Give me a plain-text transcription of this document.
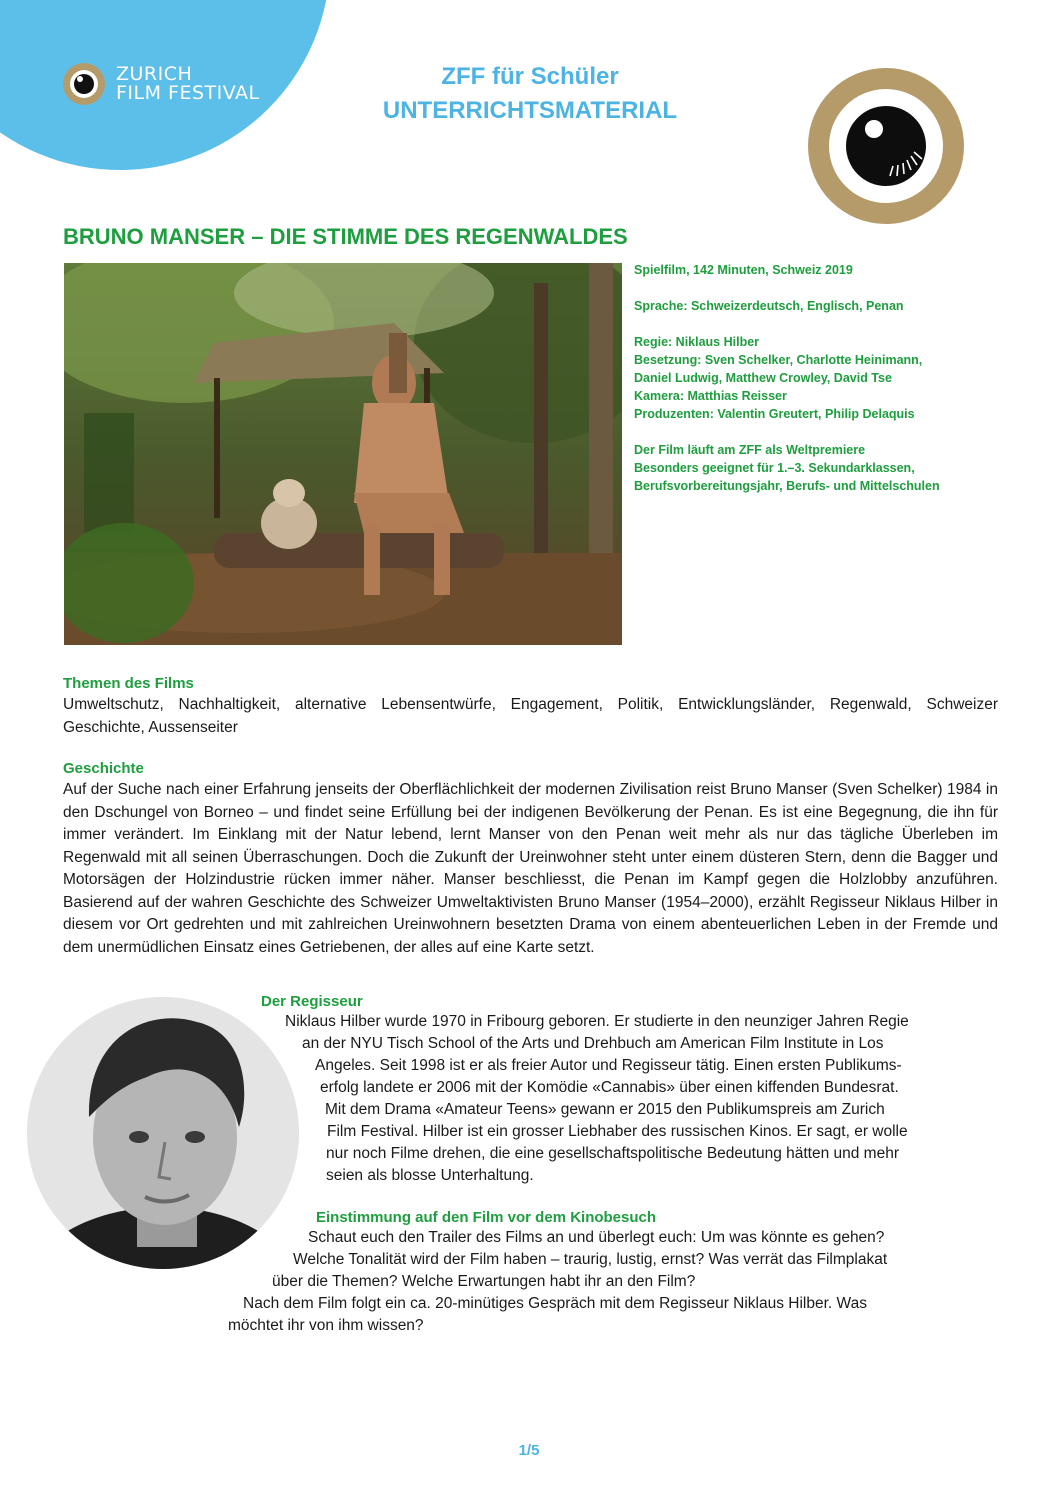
ZURICH
FILM FESTIVAL
ZFF für Schüler
UNTERRICHTSMATERIAL
BRUNO MANSER – DIE STIMME DES REGENWALDES

Spielfilm, 142 Minuten, Schweiz 2019

Sprache: Schweizerdeutsch, Englisch, Penan

Regie: Niklaus Hilber

Besetzung: Sven Schelker, Charlotte Heinimann,

Daniel Ludwig, Matthew Crowley, David Tse

Kamera: Matthias Reisser

Produzenten: Valentin Greutert, Philip Delaquis

Der Film läuft am ZFF als Weltpremiere

Besonders geeignet für 1.–3. Sekundarklassen,

Berufsvorbereitungsjahr, Berufs- und Mittelschulen

Themen des Films

Umweltschutz, Nachhaltigkeit, alternative Lebensentwürfe, Engagement, Politik, Entwicklungsländer, Regenwald, Schweizer Geschichte, Aussenseiter

Geschichte

Auf der Suche nach einer Erfahrung jenseits der Oberflächlichkeit der modernen Zivilisation reist Bruno Manser (Sven Schelker) 1984 in den Dschungel von Borneo – und findet seine Erfüllung bei der indigenen Bevölkerung der Penan. Es ist eine Begegnung, die ihn für immer verändert. Im Einklang mit der Natur lebend, lernt Manser von den Penan weit mehr als nur das tägliche Überleben im Regenwald mit all seinen Überraschungen. Doch die Zukunft der Ureinwohner steht unter einem düsteren Stern, denn die Bagger und Motorsägen der Holzindustrie rücken immer näher. Manser beschliesst, die Penan im Kampf gegen die Holzlobby anzuführen. Basierend auf der wahren Geschichte des Schweizer Umweltaktivisten Bruno Manser (1954–2000), erzählt Regisseur Niklaus Hilber in diesem vor Ort gedrehten und mit zahlreichen Ureinwohnern besetzten Drama von einem abenteuerlichen Leben in der Fremde und dem unermüdlichen Einsatz eines Getriebenen, der alles auf eine Karte setzt.

Der Regisseur
Niklaus Hilber wurde 1970 in Fribourg geboren. Er studierte in den neunziger Jahren Regie
an der NYU Tisch School of the Arts und Drehbuch am American Film Institute in Los
Angeles. Seit 1998 ist er als freier Autor und Regisseur tätig. Einen ersten Publikums-
erfolg landete er 2006 mit der Komödie «Cannabis» über einen kiffenden Bundesrat.
Mit dem Drama «Amateur Teens» gewann er 2015 den Publikumspreis am Zurich
Film Festival. Hilber ist ein grosser Liebhaber des russischen Kinos. Er sagt, er wolle
nur noch Filme drehen, die eine gesellschaftspolitische Bedeutung hätten und mehr
seien als blosse Unterhaltung.
Einstimmung auf den Film vor dem Kinobesuch
Schaut euch den Trailer des Films an und überlegt euch: Um was könnte es gehen?
Welche Tonalität wird der Film haben – traurig, lustig, ernst? Was verrät das Filmplakat
über die Themen? Welche Erwartungen habt ihr an den Film?
Nach dem Film folgt ein ca. 20-minütiges Gespräch mit dem Regisseur Niklaus Hilber. Was
möchtet ihr von ihm wissen?
1/5
